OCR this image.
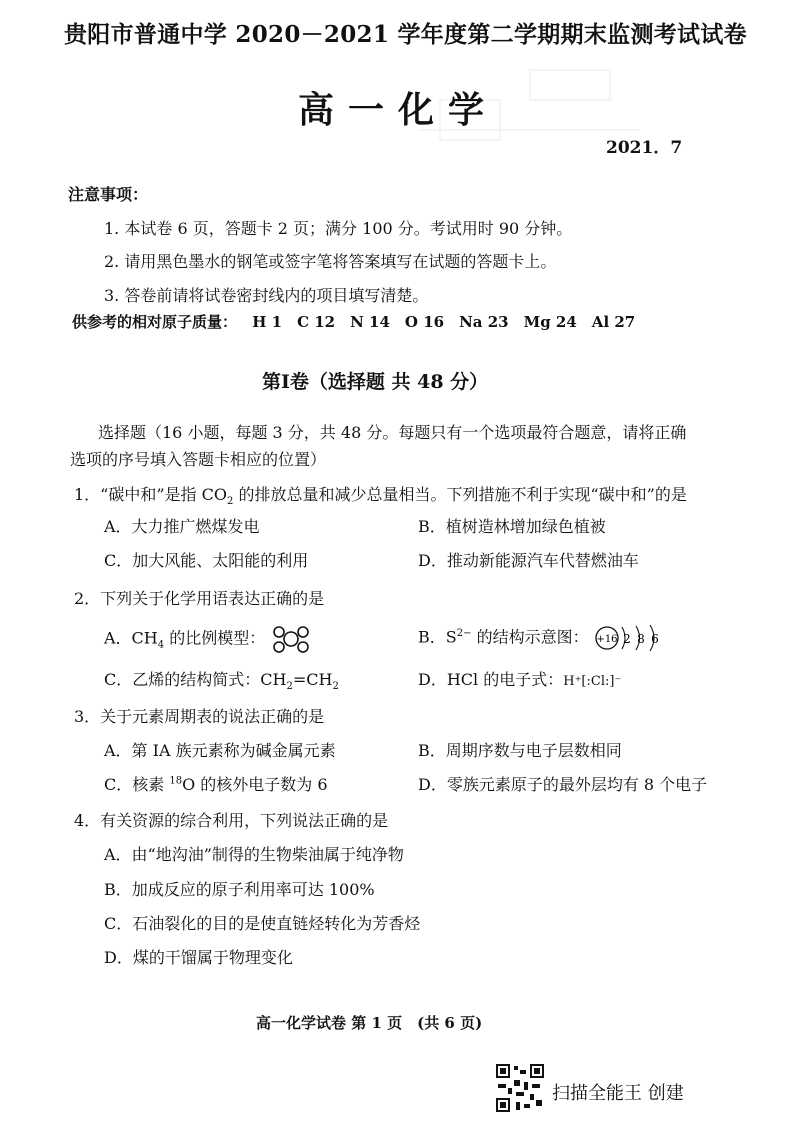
贵阳市普通中学 2020－2021 学年度第二学期期末监测考试试卷
高一化学
2021．7
注意事项：
1. 本试卷 6 页，答题卡 2 页；满分 100 分。考试用时 90 分钟。
2. 请用黑色墨水的钢笔或签字笔将答案填写在试题的答题卡上。
3. 答卷前请将试卷密封线内的项目填写清楚。
供参考的相对原子质量： H 1　C 12　N 14　O 16　Na 23　Mg 24　Al 27
第Ⅰ卷（选择题 共 48 分）
选择题（16 小题，每题 3 分，共 48 分。每题只有一个选项最符合题意，请将正确
选项的序号填入答题卡相应的位置）
1．“碳中和”是指 $CO_2$ 的排放总量和减少总量相当。下列措施不利于实现“碳中和”的是
A．大力推广燃煤发电	B．植树造林增加绿色植被
C．加大风能、太阳能的利用	D．推动新能源汽车代替燃油车
2．下列关于化学用语表达正确的是
A．$CH_4$ 的比例模型：	B．$S^{2-}$ 的结构示意图： +16 2 8 6
C．乙烯的结构简式：$CH_2=CH_2$	D．HCl 的电子式：H⁺[:Cl:]⁻
3．关于元素周期表的说法正确的是
A．第 IA 族元素称为碱金属元素	B．周期序数与电子层数相同
C．核素 $^{18}$O 的核外电子数为 6	D．零族元素原子的最外层均有 8 个电子
4．有关资源的综合利用，下列说法正确的是
A．由“地沟油”制得的生物柴油属于纯净物
B．加成反应的原子利用率可达 100%
C．石油裂化的目的是使直链烃转化为芳香烃
D．煤的干馏属于物理变化
高一化学试卷 第 1 页　(共 6 页)
扫描全能王 创建
